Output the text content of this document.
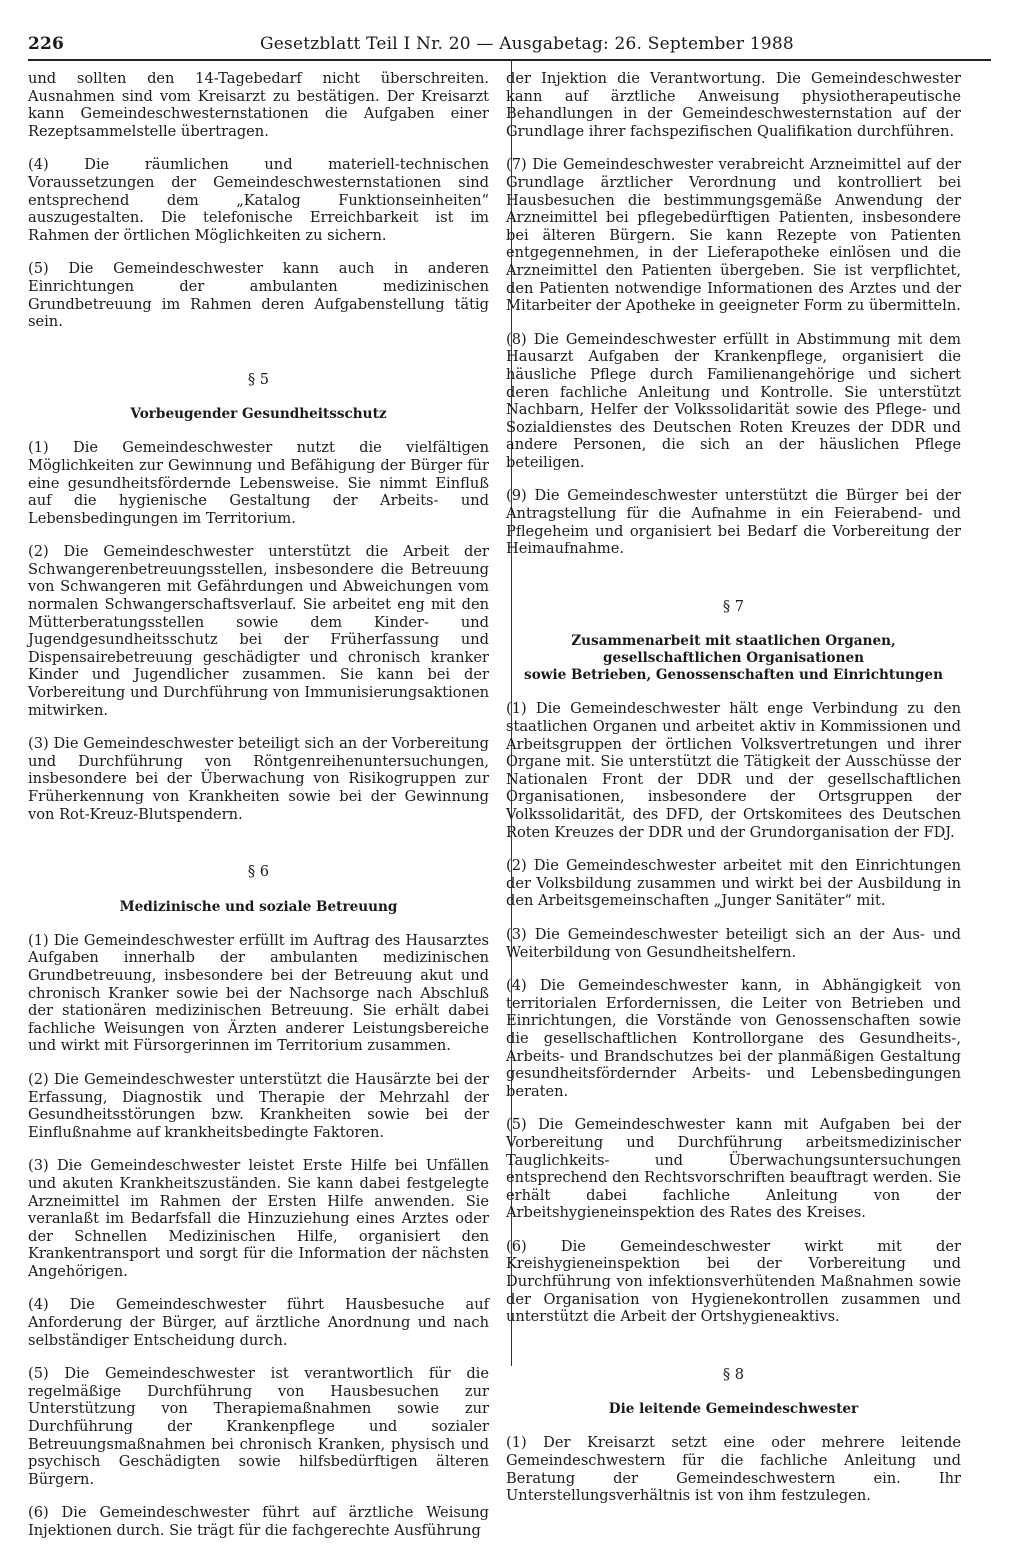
226	Gesetzblatt Teil I Nr. 20 — Ausgabetag: 26. September 1988

und sollten den 14-Tagebedarf nicht überschreiten. Ausnahmen sind vom Kreisarzt zu bestätigen. Der Kreisarzt kann Gemeindeschwesternstationen die Aufgaben einer Rezeptsammelstelle übertragen.

(4) Die räumlichen und materiell-technischen Voraussetzungen der Gemeindeschwesternstationen sind entsprechend dem „Katalog Funktionseinheiten“ auszugestalten. Die telefonische Erreichbarkeit ist im Rahmen der örtlichen Möglichkeiten zu sichern.

(5) Die Gemeindeschwester kann auch in anderen Einrichtungen der ambulanten medizinischen Grundbetreuung im Rahmen deren Aufgabenstellung tätig sein.

§ 5
Vorbeugender Gesundheitsschutz

(1) Die Gemeindeschwester nutzt die vielfältigen Möglichkeiten zur Gewinnung und Befähigung der Bürger für eine gesundheitsfördernde Lebensweise. Sie nimmt Einfluß auf die hygienische Gestaltung der Arbeits- und Lebensbedingungen im Territorium.

(2) Die Gemeindeschwester unterstützt die Arbeit der Schwangerenbetreuungsstellen, insbesondere die Betreuung von Schwangeren mit Gefährdungen und Abweichungen vom normalen Schwangerschaftsverlauf. Sie arbeitet eng mit den Mütterberatungsstellen sowie dem Kinder- und Jugendgesundheitsschutz bei der Früherfassung und Dispensairebetreuung geschädigter und chronisch kranker Kinder und Jugendlicher zusammen. Sie kann bei der Vorbereitung und Durchführung von Immunisierungsaktionen mitwirken.

(3) Die Gemeindeschwester beteiligt sich an der Vorbereitung und Durchführung von Röntgenreihenuntersuchungen, insbesondere bei der Überwachung von Risikogruppen zur Früherkennung von Krankheiten sowie bei der Gewinnung von Rot-Kreuz-Blutspendern.

§ 6
Medizinische und soziale Betreuung

(1) Die Gemeindeschwester erfüllt im Auftrag des Hausarztes Aufgaben innerhalb der ambulanten medizinischen Grundbetreuung, insbesondere bei der Betreuung akut und chronisch Kranker sowie bei der Nachsorge nach Abschluß der stationären medizinischen Betreuung. Sie erhält dabei fachliche Weisungen von Ärzten anderer Leistungsbereiche und wirkt mit Fürsorgerinnen im Territorium zusammen.

(2) Die Gemeindeschwester unterstützt die Hausärzte bei der Erfassung, Diagnostik und Therapie der Mehrzahl der Gesundheitsstörungen bzw. Krankheiten sowie bei der Einflußnahme auf krankheitsbedingte Faktoren.

(3) Die Gemeindeschwester leistet Erste Hilfe bei Unfällen und akuten Krankheitszuständen. Sie kann dabei festgelegte Arzneimittel im Rahmen der Ersten Hilfe anwenden. Sie veranlaßt im Bedarfsfall die Hinzuziehung eines Arztes oder der Schnellen Medizinischen Hilfe, organisiert den Krankentransport und sorgt für die Information der nächsten Angehörigen.

(4) Die Gemeindeschwester führt Hausbesuche auf Anforderung der Bürger, auf ärztliche Anordnung und nach selbständiger Entscheidung durch.

(5) Die Gemeindeschwester ist verantwortlich für die regelmäßige Durchführung von Hausbesuchen zur Unterstützung von Therapiemaßnahmen sowie zur Durchführung der Krankenpflege und sozialer Betreuungsmaßnahmen bei chronisch Kranken, physisch und psychisch Geschädigten sowie hilfsbedürftigen älteren Bürgern.

(6) Die Gemeindeschwester führt auf ärztliche Weisung Injektionen durch. Sie trägt für die fachgerechte Ausführung

der Injektion die Verantwortung. Die Gemeindeschwester kann auf ärztliche Anweisung physiotherapeutische Behandlungen in der Gemeindeschwesternstation auf der Grundlage ihrer fachspezifischen Qualifikation durchführen.

(7) Die Gemeindeschwester verabreicht Arzneimittel auf der Grundlage ärztlicher Verordnung und kontrolliert bei Hausbesuchen die bestimmungsgemäße Anwendung der Arzneimittel bei pflegebedürftigen Patienten, insbesondere bei älteren Bürgern. Sie kann Rezepte von Patienten entgegennehmen, in der Lieferapotheke einlösen und die Arzneimittel den Patienten übergeben. Sie ist verpflichtet, den Patienten notwendige Informationen des Arztes und der Mitarbeiter der Apotheke in geeigneter Form zu übermitteln.

(8) Die Gemeindeschwester erfüllt in Abstimmung mit dem Hausarzt Aufgaben der Krankenpflege, organisiert die häusliche Pflege durch Familienangehörige und sichert deren fachliche Anleitung und Kontrolle. Sie unterstützt Nachbarn, Helfer der Volkssolidarität sowie des Pflege- und Sozialdienstes des Deutschen Roten Kreuzes der DDR und andere Personen, die sich an der häuslichen Pflege beteiligen.

(9) Die Gemeindeschwester unterstützt die Bürger bei der Antragstellung für die Aufnahme in ein Feierabend- und Pflegeheim und organisiert bei Bedarf die Vorbereitung der Heimaufnahme.

§ 7
Zusammenarbeit mit staatlichen Organen,
gesellschaftlichen Organisationen
sowie Betrieben, Genossenschaften und Einrichtungen

(1) Die Gemeindeschwester hält enge Verbindung zu den staatlichen Organen und arbeitet aktiv in Kommissionen und Arbeitsgruppen der örtlichen Volksvertretungen und ihrer Organe mit. Sie unterstützt die Tätigkeit der Ausschüsse der Nationalen Front der DDR und der gesellschaftlichen Organisationen, insbesondere der Ortsgruppen der Volkssolidarität, des DFD, der Ortskomitees des Deutschen Roten Kreuzes der DDR und der Grundorganisation der FDJ.

(2) Die Gemeindeschwester arbeitet mit den Einrichtungen der Volksbildung zusammen und wirkt bei der Ausbildung in den Arbeitsgemeinschaften „Junger Sanitäter“ mit.

(3) Die Gemeindeschwester beteiligt sich an der Aus- und Weiterbildung von Gesundheitshelfern.

(4) Die Gemeindeschwester kann, in Abhängigkeit von territorialen Erfordernissen, die Leiter von Betrieben und Einrichtungen, die Vorstände von Genossenschaften sowie die gesellschaftlichen Kontrollorgane des Gesundheits-, Arbeits- und Brandschutzes bei der planmäßigen Gestaltung gesundheitsfördernder Arbeits- und Lebensbedingungen beraten.

(5) Die Gemeindeschwester kann mit Aufgaben bei der Vorbereitung und Durchführung arbeitsmedizinischer Tauglichkeits- und Überwachungsuntersuchungen entsprechend den Rechtsvorschriften beauftragt werden. Sie erhält dabei fachliche Anleitung von der Arbeitshygieneinspektion des Rates des Kreises.

(6) Die Gemeindeschwester wirkt mit der Kreishygieneinspektion bei der Vorbereitung und Durchführung von infektionsverhütenden Maßnahmen sowie der Organisation von Hygienekontrollen zusammen und unterstützt die Arbeit der Ortshygieneaktivs.

§ 8
Die leitende Gemeindeschwester

(1) Der Kreisarzt setzt eine oder mehrere leitende Gemeindeschwestern für die fachliche Anleitung und Beratung der Gemeindeschwestern ein. Ihr Unterstellungsverhältnis ist von ihm festzulegen.
